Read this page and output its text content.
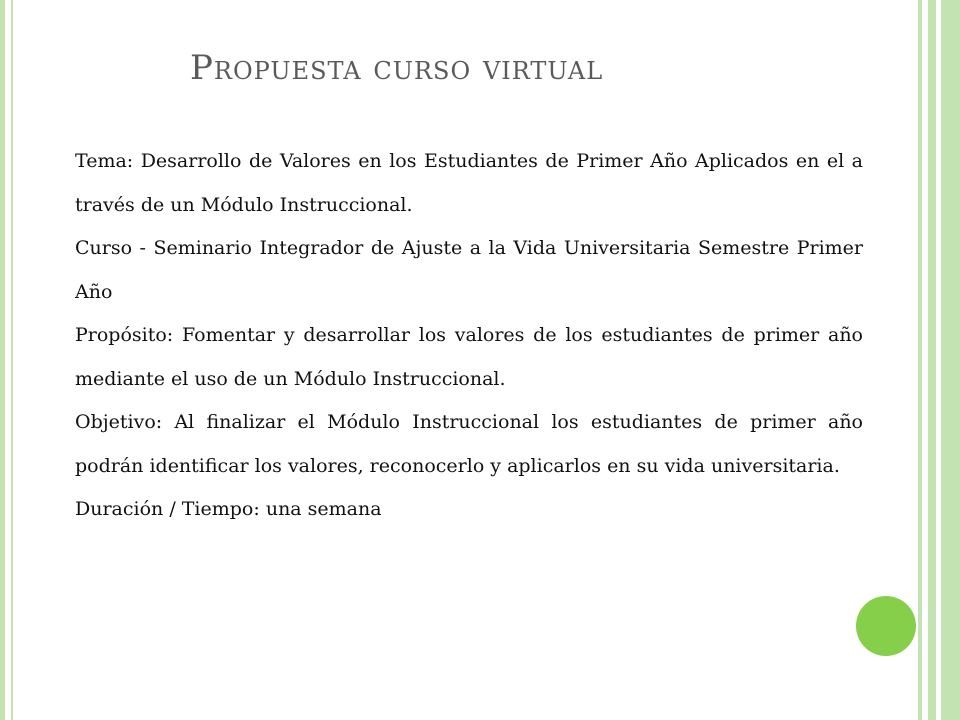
Propuesta curso virtual

Tema: Desarrollo de Valores en los Estudiantes de Primer Año Aplicados en el a través de un Módulo Instruccional.

Curso - Seminario Integrador de Ajuste a la Vida Universitaria Semestre Primer Año

Propósito: Fomentar y desarrollar los valores de los estudiantes de primer año mediante el uso de un Módulo Instruccional.

Objetivo: Al finalizar el Módulo Instruccional los estudiantes de primer año podrán identificar los valores, reconocerlo y aplicarlos en su vida universitaria.

Duración / Tiempo: una semana
